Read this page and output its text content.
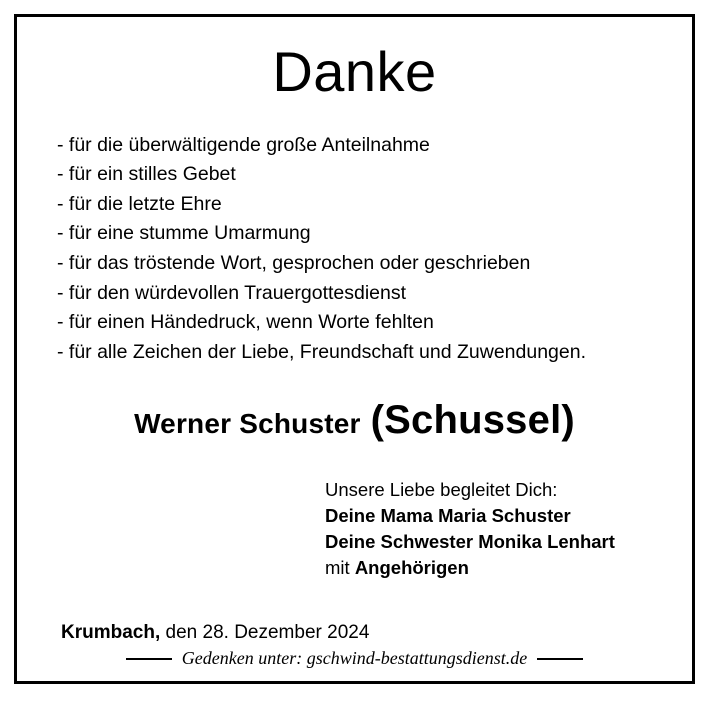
Danke
- für die überwältigende große Anteilnahme
- für ein stilles Gebet
- für die letzte Ehre
- für eine stumme Umarmung
- für das tröstende Wort, gesprochen oder geschrieben
- für den würdevollen Trauergottesdienst
- für einen Händedruck, wenn Worte fehlten
- für alle Zeichen der Liebe, Freundschaft und Zuwendungen.
Werner Schuster (Schussel)
Unsere Liebe begleitet Dich:
Deine Mama Maria Schuster
Deine Schwester Monika Lenhart
mit Angehörigen
Krumbach, den 28. Dezember 2024
Gedenken unter: gschwind-bestattungsdienst.de
